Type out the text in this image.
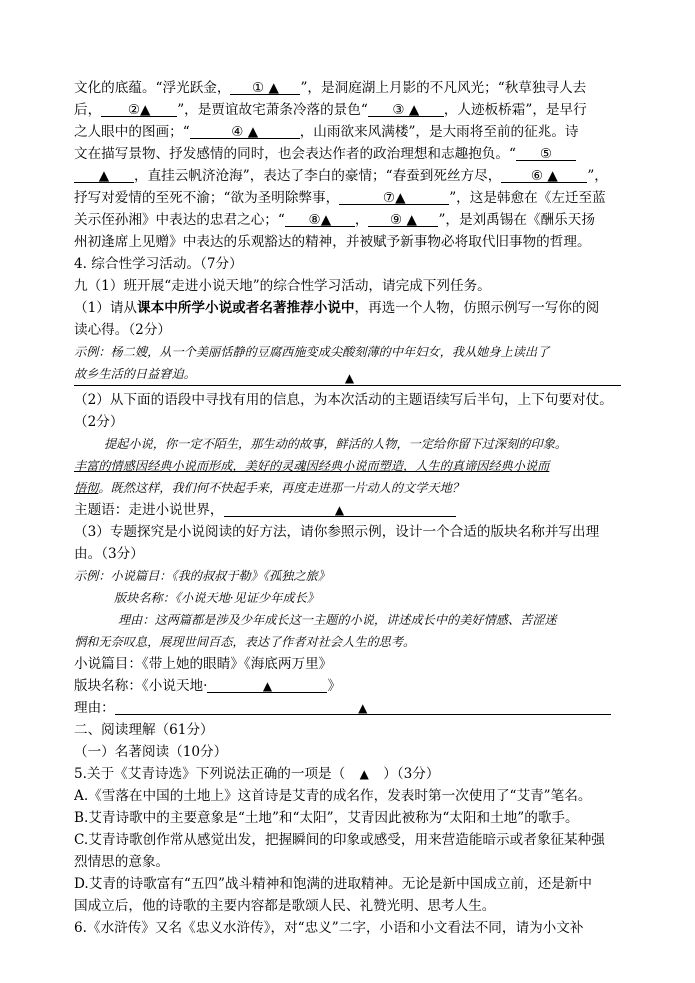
文化的底蕴。“浮光跃金， ① ▲ ”，是洞庭湖上月影的不凡风光；“秋草独寻人去
后， ②▲ ”，是贾谊故宅萧条冷落的景色“ ③ ▲ ，人迹板桥霜”，是早行
之人眼中的图画；“	④ ▲	，山雨欲来风满楼”，是大雨将至前的征兆。诗
文在描写景物、抒发感情的同时，也会表达作者的政治理想和志趣抱负。“ ⑤
▲ ，直挂云帆济沧海”，表达了李白的豪情；“春蚕到死丝方尽， ⑥ ▲ ”，
抒写对爱情的至死不渝；“欲为圣明除弊事，	⑦▲	”，这是韩愈在《左迁至蓝
关示侄孙湘》中表达的忠君之心；“ ⑧▲ ， ⑨ ▲ ”，是刘禹锡在《酬乐天扬
州初逢席上见赠》中表达的乐观豁达的精神，并被赋予新事物必将取代旧事物的哲理。
4. 综合性学习活动。（7分）
九（1）班开展“走进小说天地”的综合性学习活动，请完成下列任务。
（1）请从课本中所学小说或者名著推荐小说中，再选一个人物，仿照示例写一写你的阅
读心得。（2分）
示例：杨二嫂，从一个美丽恬静的豆腐西施变成尖酸刻薄的中年妇女，我从她身上读出了
故乡生活的日益窘迫。	▲
（2）从下面的语段中寻找有用的信息，为本次活动的主题语续写后半句，上下句要对仗。
（2分）
提起小说，你一定不陌生，那生动的故事，鲜活的人物，一定给你留下过深刻的印象。
丰富的情感因经典小说而形成，美好的灵魂因经典小说而塑造，人生的真谛因经典小说而
悟彻。既然这样，我们何不快起手来，再度走进那一片动人的文学天地？
主题语：走进小说世界，	▲
（3）专题探究是小说阅读的好方法，请你参照示例，设计一个合适的版块名称并写出理
由。（3分）
示例：小说篇目：《我的叔叔于勒》《孤独之旅》
版块名称：《小说天地·见证少年成长》
理由：这两篇都是涉及少年成长这一主题的小说，讲述成长中的美好情感、苦涩迷
惘和无奈叹息，展现世间百态，表达了作者对社会人生的思考。
小说篇目：《带上她的眼睛》《海底两万里》
版块名称：《小说天地·	▲	》
理由：	▲
二、阅读理解（61分）
（一）名著阅读（10分）
5.关于《艾青诗选》下列说法正确的一项是（ ▲ ）（3分）
A.《雪落在中国的土地上》这首诗是艾青的成名作，发表时第一次使用了“艾青”笔名。
B.艾青诗歌中的主要意象是“土地”和“太阳”，艾青因此被称为“太阳和土地”的歌手。
C.艾青诗歌创作常从感觉出发，把握瞬间的印象或感受，用来营造能暗示或者象征某种强
烈情思的意象。
D.艾青的诗歌富有“五四”战斗精神和饱满的进取精神。无论是新中国成立前，还是新中
国成立后，他的诗歌的主要内容都是歌颂人民、礼赞光明、思考人生。
6.《水浒传》又名《忠义水浒传》，对“忠义”二字，小语和小文看法不同，请为小文补
